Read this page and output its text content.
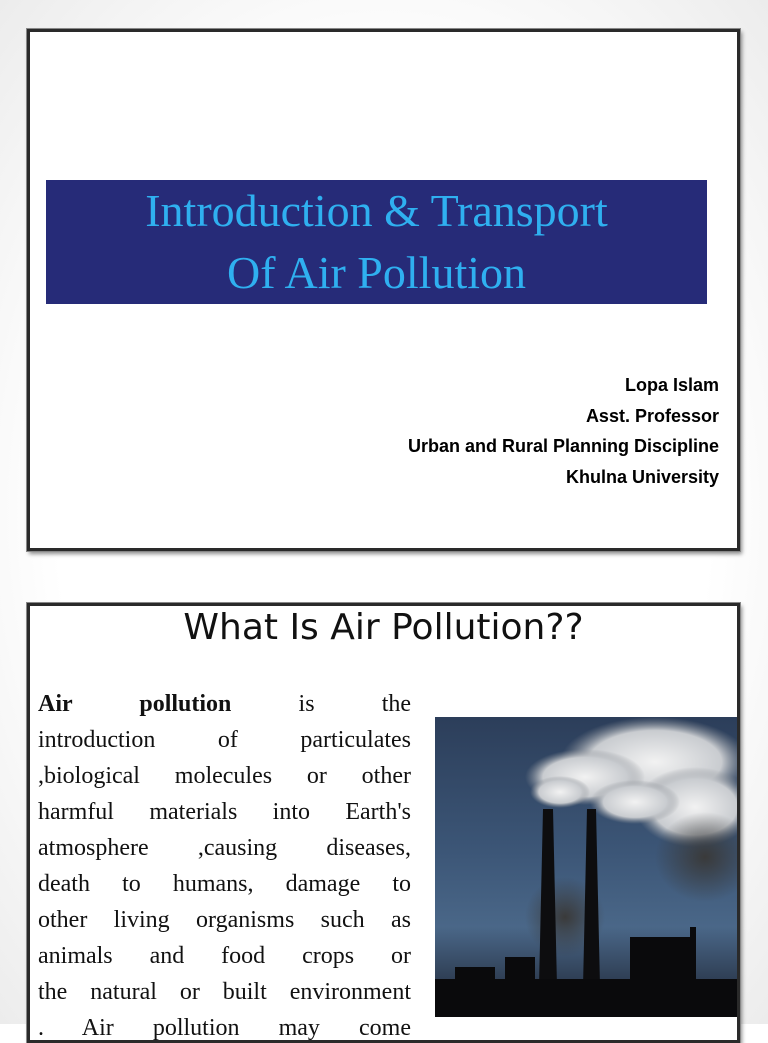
Introduction & Transport
Of Air Pollution
Lopa Islam
Asst. Professor
Urban and Rural Planning Discipline
Khulna University
What Is Air Pollution??
Air pollution	is the
introduction of particulates
,biological molecules or other
harmful materials into Earth's
atmosphere ,causing diseases,
death to humans, damage to
other living organisms such as
animals and food crops or
the natural or built environment
. Air pollution may come
